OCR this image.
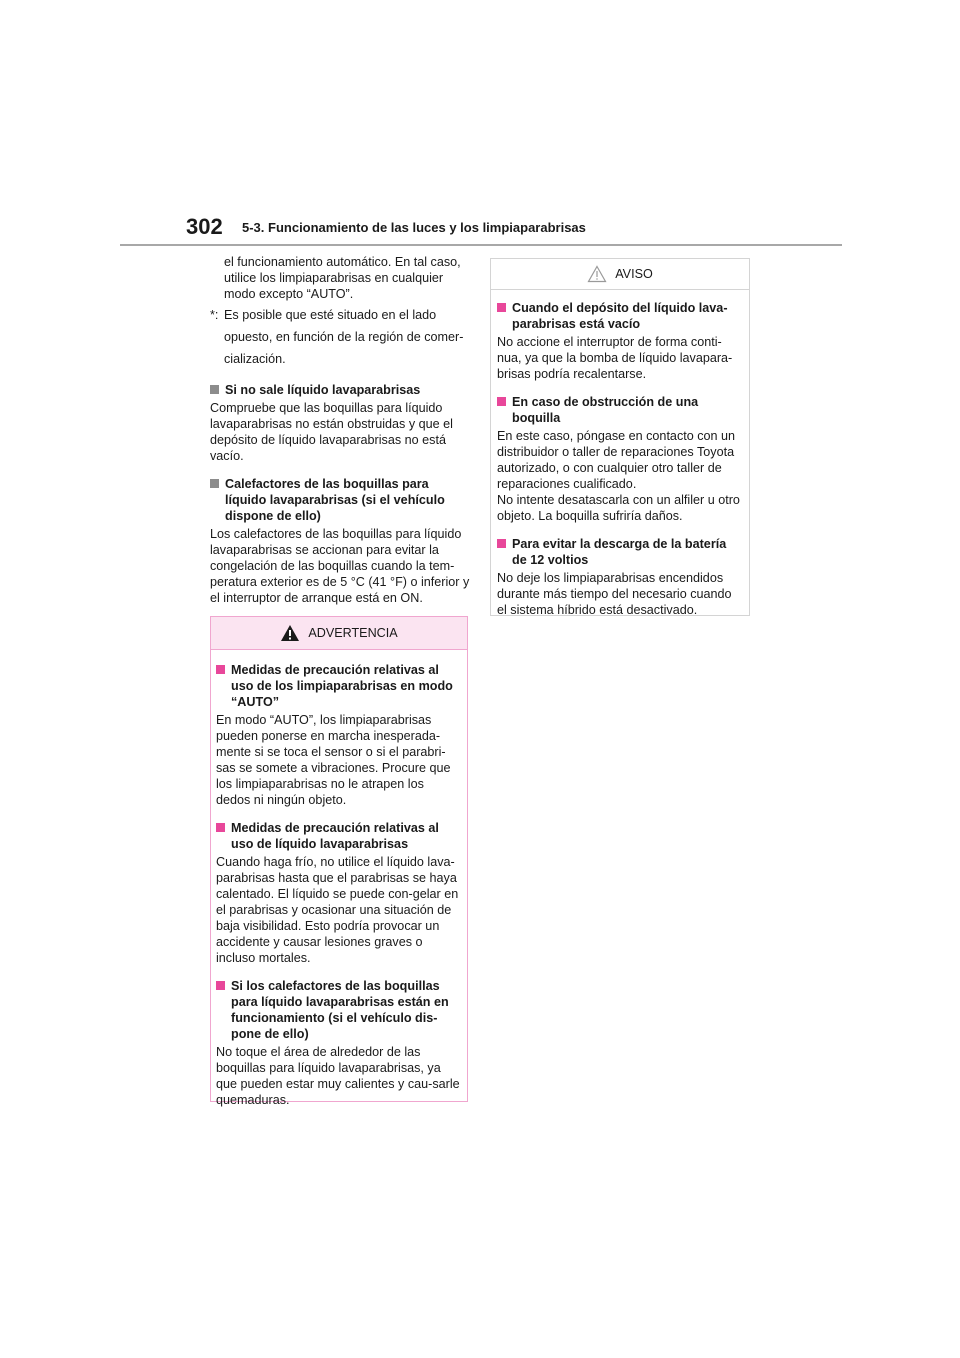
302 5-3. Funcionamiento de las luces y los limpiaparabrisas

el funcionamiento automático. En tal caso, utilice los limpiaparabrisas en cualquier modo excepto “AUTO”.

*: Es posible que esté situado en el lado opuesto, en función de la región de comer-cialización.
Si no sale líquido lavaparabrisas

Compruebe que las boquillas para líquido lavaparabrisas no están obstruidas y que el depósito de líquido lavaparabrisas no está vacío.

Calefactores de las boquillas para líquido lavaparabrisas (si el vehículo dispone de ello)

Los calefactores de las boquillas para líquido lavaparabrisas se accionan para evitar la congelación de las boquillas cuando la tem-peratura exterior es de 5 °C (41 °F) o inferior y el interruptor de arranque está en ON.

ADVERTENCIA
Medidas de precaución relativas al uso de los limpiaparabrisas en modo “AUTO”

En modo “AUTO”, los limpiaparabrisas pueden ponerse en marcha inesperada-mente si se toca el sensor o si el parabri-sas se somete a vibraciones. Procure que los limpiaparabrisas no le atrapen los dedos ni ningún objeto.

Medidas de precaución relativas al uso de líquido lavaparabrisas

Cuando haga frío, no utilice el líquido lava-parabrisas hasta que el parabrisas se haya calentado. El líquido se puede con-gelar en el parabrisas y ocasionar una situación de baja visibilidad. Esto podría provocar un accidente y causar lesiones graves o incluso mortales.

Si los calefactores de las boquillas para líquido lavaparabrisas están en funcionamiento (si el vehículo dis-pone de ello)

No toque el área de alrededor de las boquillas para líquido lavaparabrisas, ya que pueden estar muy calientes y cau-sarle quemaduras.

AVISO
Cuando el depósito del líquido lava-parabrisas está vacío

No accione el interruptor de forma conti-nua, ya que la bomba de líquido lavapara-brisas podría recalentarse.

En caso de obstrucción de una boquilla

En este caso, póngase en contacto con un distribuidor o taller de reparaciones Toyota autorizado, o con cualquier otro taller de reparaciones cualificado.

No intente desatascarla con un alfiler u otro objeto. La boquilla sufriría daños.

Para evitar la descarga de la batería de 12 voltios

No deje los limpiaparabrisas encendidos durante más tiempo del necesario cuando el sistema híbrido está desactivado.
